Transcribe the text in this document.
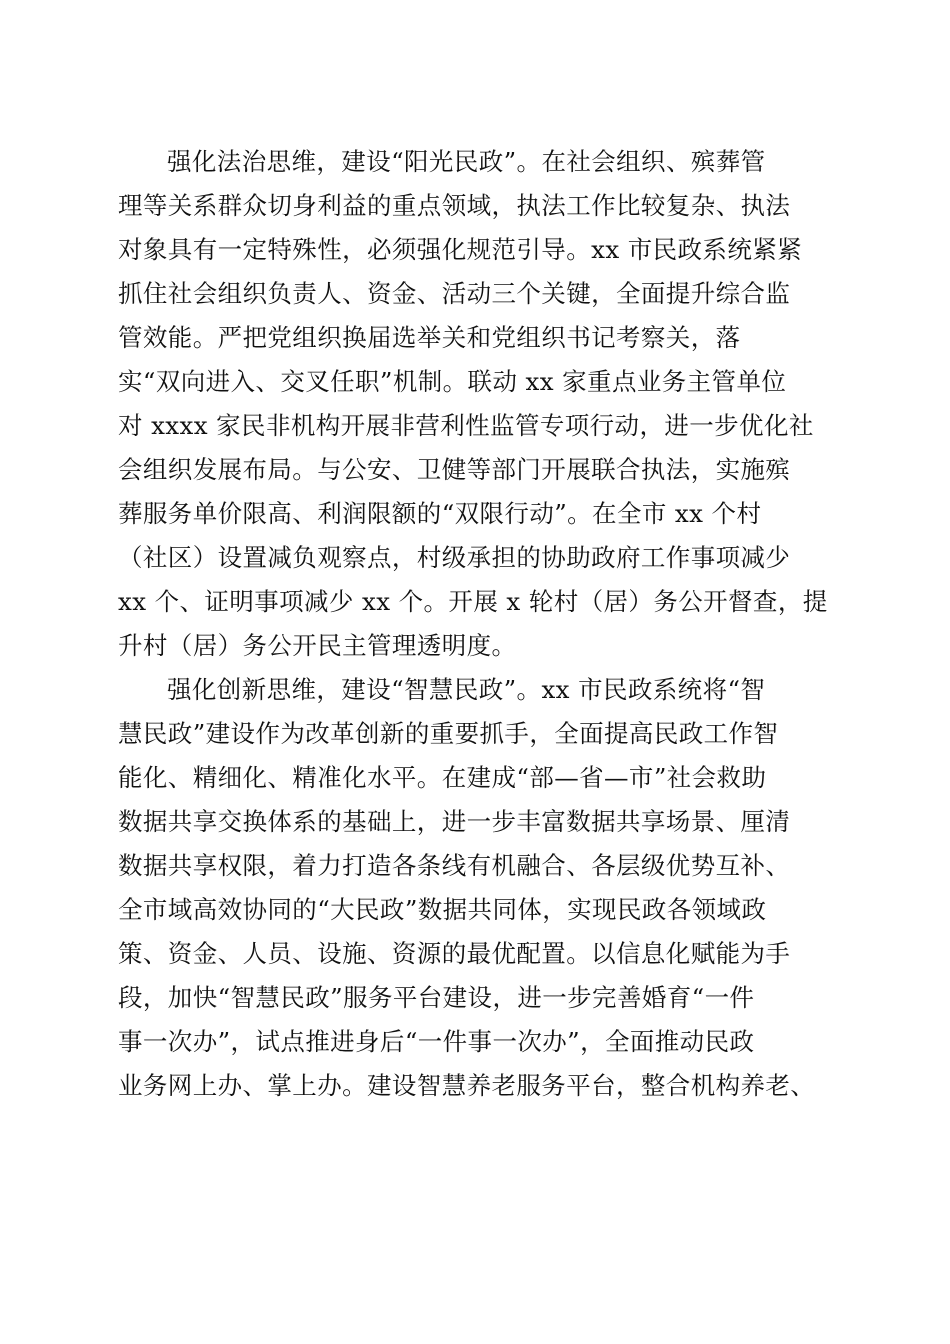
强化法治思维，建设“阳光民政”。在社会组织、殡葬管
理等关系群众切身利益的重点领域，执法工作比较复杂、执法
对象具有一定特殊性，必须强化规范引导。xx 市民政系统紧紧
抓住社会组织负责人、资金、活动三个关键，全面提升综合监
管效能。严把党组织换届选举关和党组织书记考察关，落
实“双向进入、交叉任职”机制。联动 xx 家重点业务主管单位
对 xxxx 家民非机构开展非营利性监管专项行动，进一步优化社
会组织发展布局。与公安、卫健等部门开展联合执法，实施殡
葬服务单价限高、利润限额的“双限行动”。在全市 xx 个村
（社区）设置减负观察点，村级承担的协助政府工作事项减少
xx 个、证明事项减少 xx 个。开展 x 轮村（居）务公开督查，提
升村（居）务公开民主管理透明度。
强化创新思维，建设“智慧民政”。xx 市民政系统将“智
慧民政”建设作为改革创新的重要抓手，全面提高民政工作智
能化、精细化、精准化水平。在建成“部—省—市”社会救助
数据共享交换体系的基础上，进一步丰富数据共享场景、厘清
数据共享权限，着力打造各条线有机融合、各层级优势互补、
全市域高效协同的“大民政”数据共同体，实现民政各领域政
策、资金、人员、设施、资源的最优配置。以信息化赋能为手
段，加快“智慧民政”服务平台建设，进一步完善婚育“一件
事一次办”，试点推进身后“一件事一次办”，全面推动民政
业务网上办、掌上办。建设智慧养老服务平台，整合机构养老、
